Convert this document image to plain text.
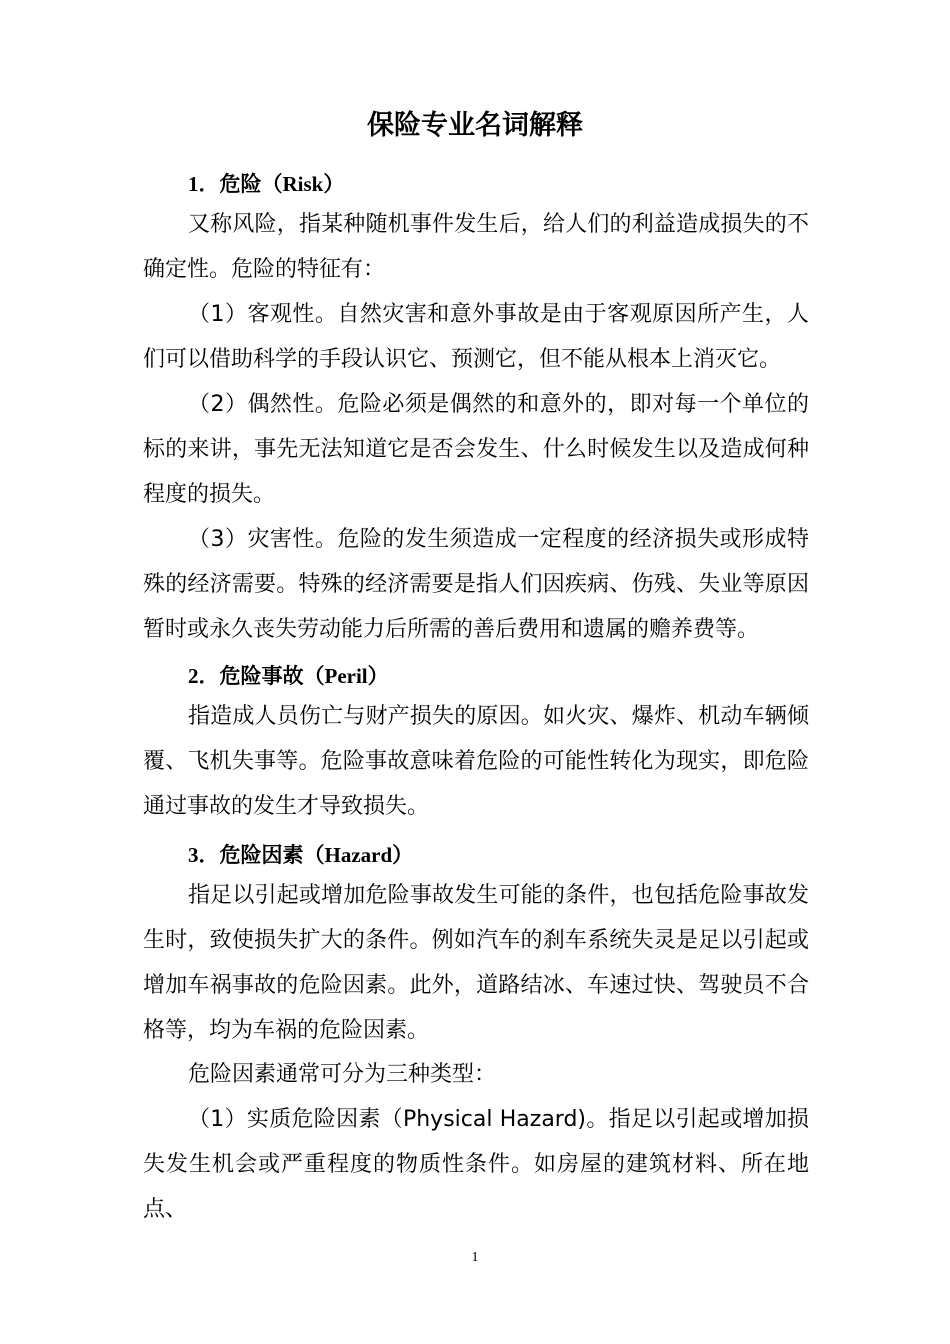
保险专业名词解释

1．危险（Risk）

又称风险，指某种随机事件发生后，给人们的利益造成损失的不确定性。危险的特征有：

（1）客观性。自然灾害和意外事故是由于客观原因所产生，人们可以借助科学的手段认识它、预测它，但不能从根本上消灭它。

（2）偶然性。危险必须是偶然的和意外的，即对每一个单位的标的来讲，事先无法知道它是否会发生、什么时候发生以及造成何种程度的损失。

（3）灾害性。危险的发生须造成一定程度的经济损失或形成特殊的经济需要。特殊的经济需要是指人们因疾病、伤残、失业等原因暂时或永久丧失劳动能力后所需的善后费用和遗属的赡养费等。

2．危险事故（Peril）

指造成人员伤亡与财产损失的原因。如火灾、爆炸、机动车辆倾覆、飞机失事等。危险事故意味着危险的可能性转化为现实，即危险通过事故的发生才导致损失。

3．危险因素（Hazard）

指足以引起或增加危险事故发生可能的条件，也包括危险事故发生时，致使损失扩大的条件。例如汽车的刹车系统失灵是足以引起或增加车祸事故的危险因素。此外，道路结冰、车速过快、驾驶员不合格等，均为车祸的危险因素。

危险因素通常可分为三种类型：

（1）实质危险因素（Physical Hazard)。指足以引起或增加损失发生机会或严重程度的物质性条件。如房屋的建筑材料、所在地点、

1
